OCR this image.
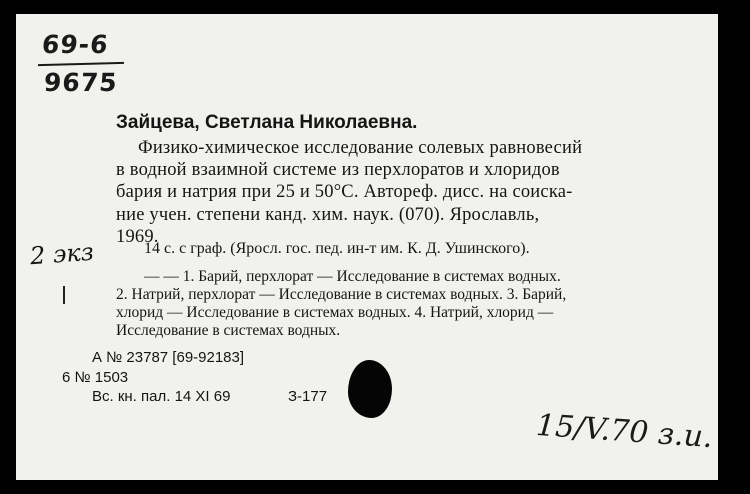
69-6
9675
Зайцева, Светлана Николаевна.
Физико-химическое исследование солевых равновесий
в водной взаимной системе из перхлоратов и хлоридов
бария и натрия при 25 и 50°C. Автореф. дисс. на соиска-
ние учен. степени канд. хим. наук. (070). Ярославль,
1969.
2 экз	14 с. с граф. (Яросл. гос. пед. ин-т им. К. Д. Ушинского).
— — 1. Барий, перхлорат — Исследование в системах водных.
2. Натрий, перхлорат — Исследование в системах водных. 3. Барий,
хлорид — Исследование в системах водных. 4. Натрий, хлорид —
Исследование в системах водных.
А № 23787 [69-92183]
6 № 1503
Вс. кн. пал. 14 XI 69	З-177
15/V.70 з.и.
